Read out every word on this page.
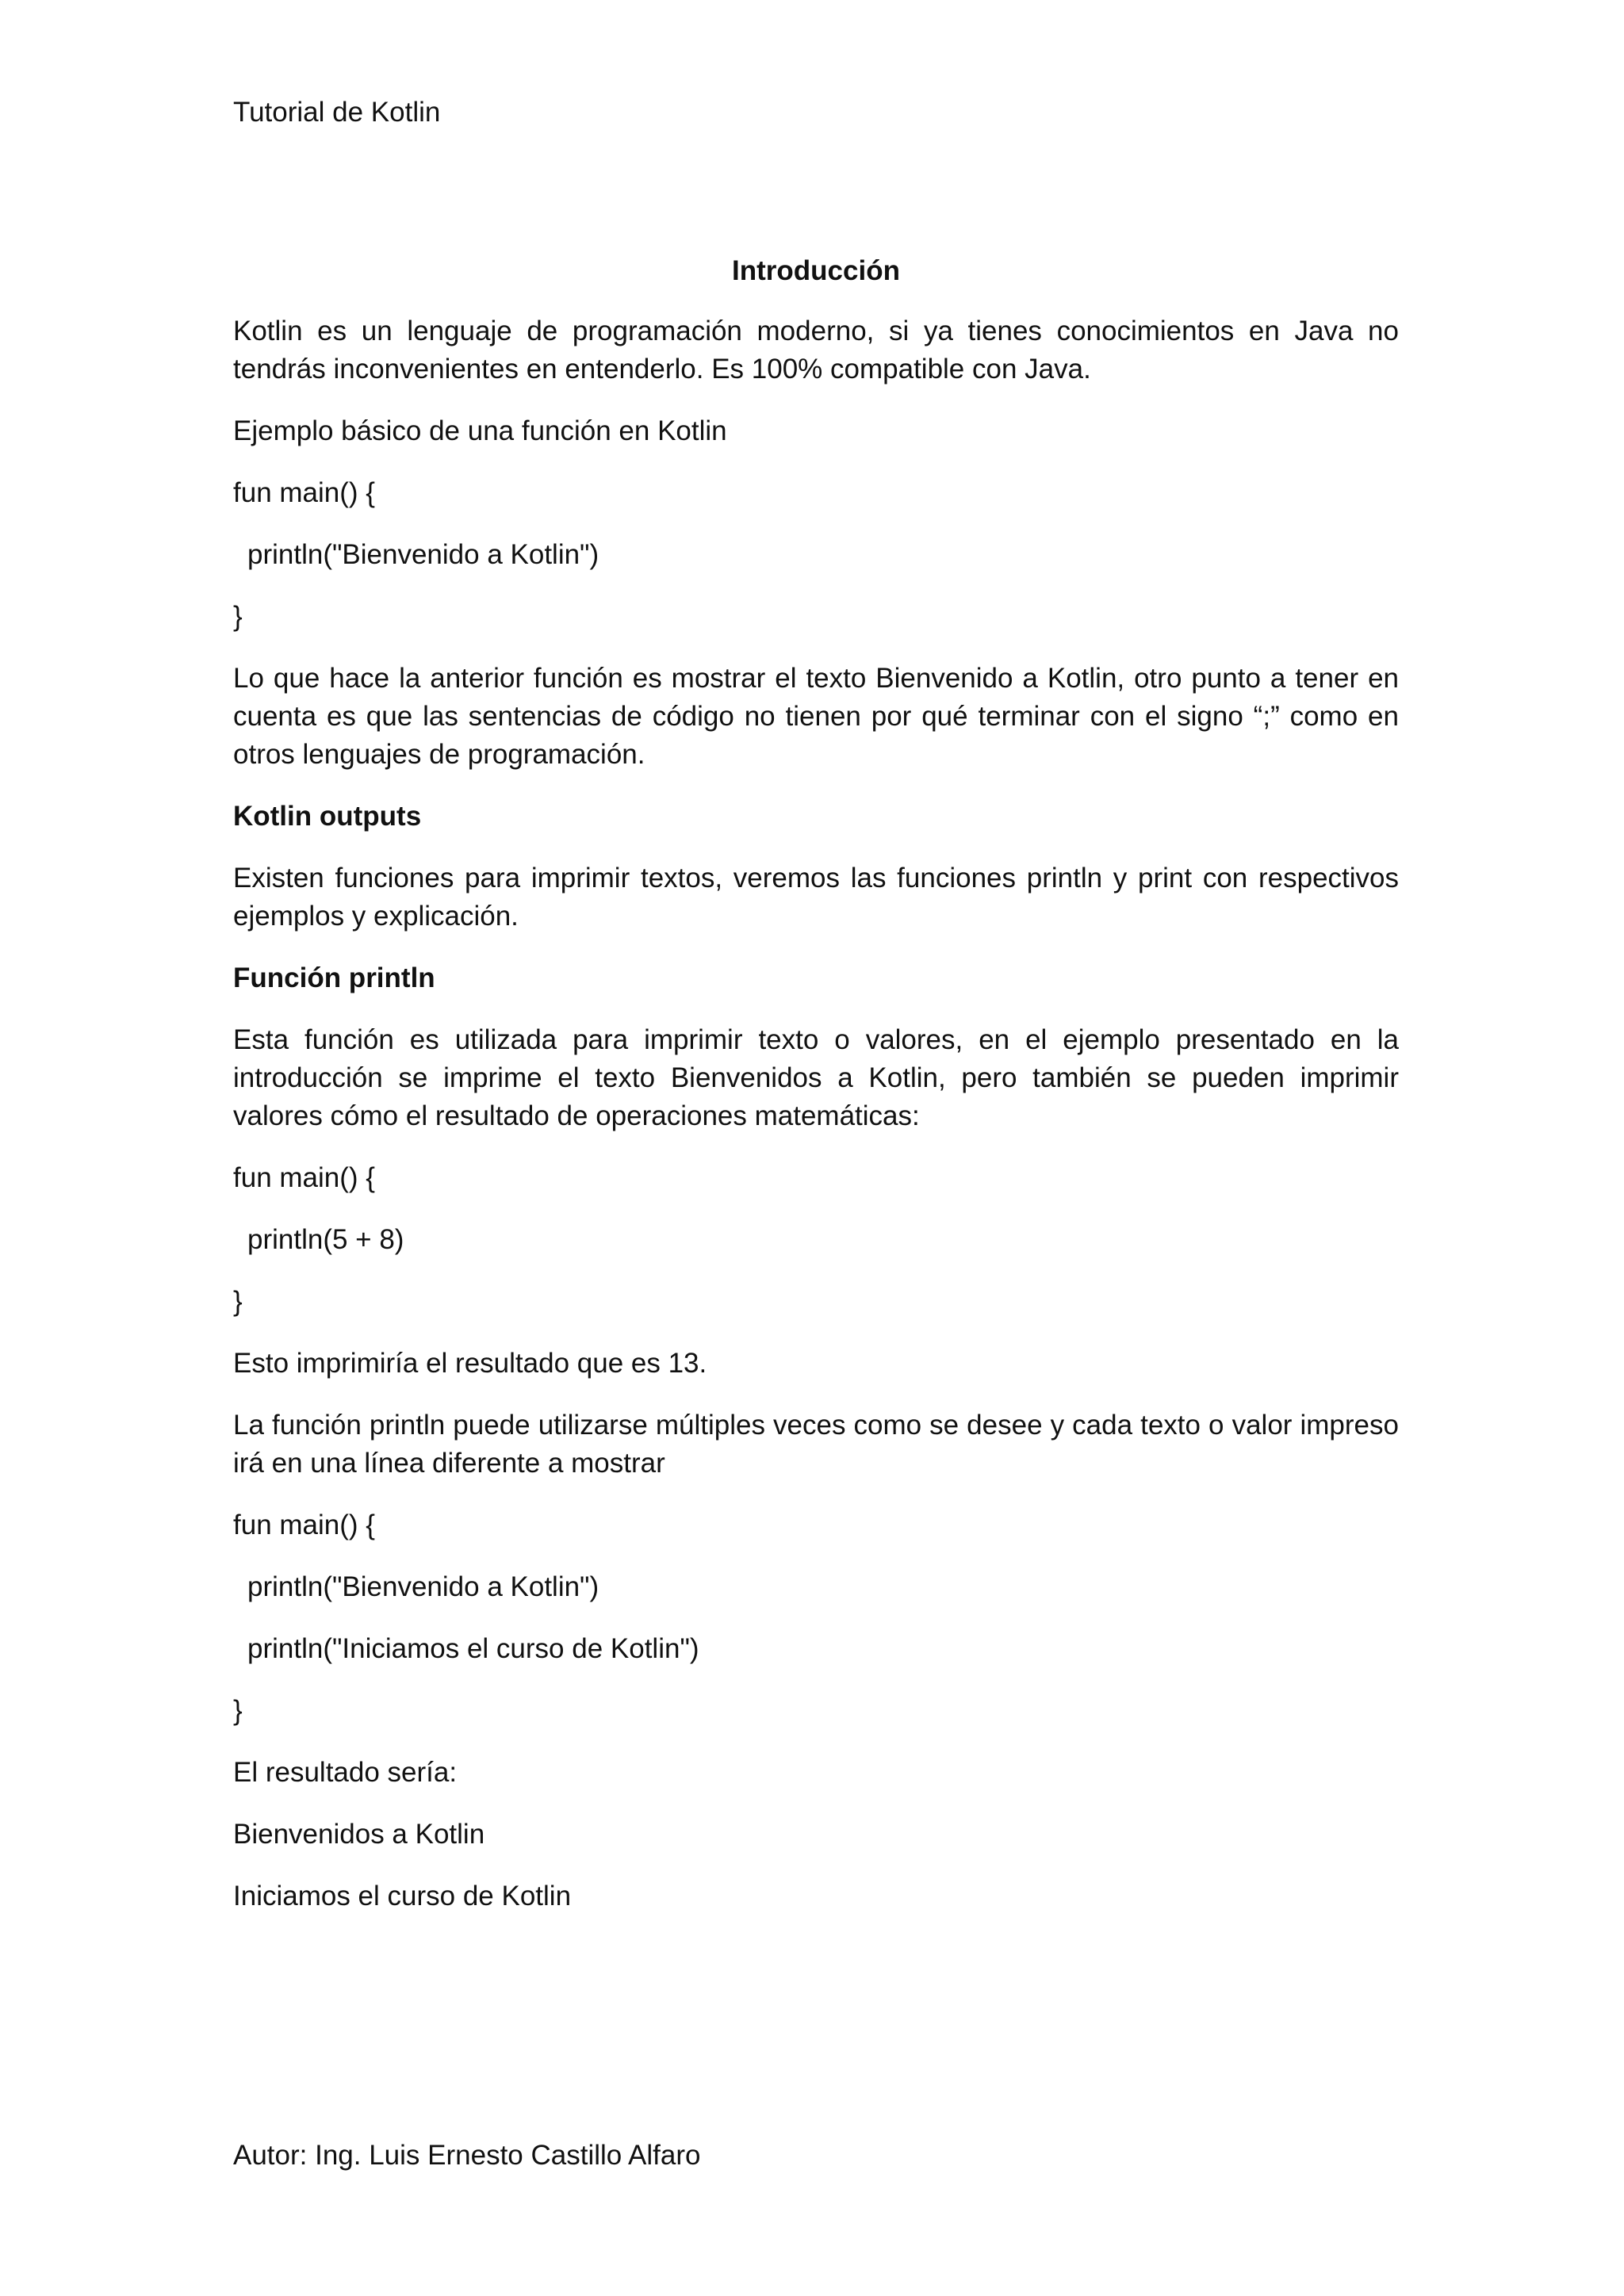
Tutorial de Kotlin

Introducción

Kotlin es un lenguaje de programación moderno, si ya tienes conocimientos en Java no tendrás inconvenientes en entenderlo. Es 100% compatible con Java.

Ejemplo básico de una función en Kotlin

fun main() {

println("Bienvenido a Kotlin")

}

Lo que hace la anterior función es mostrar el texto Bienvenido a Kotlin, otro punto a tener en cuenta es que las sentencias de código no tienen por qué terminar con el signo “;” como en otros lenguajes de programación.

Kotlin outputs

Existen funciones para imprimir textos, veremos las funciones println y print con respectivos ejemplos y explicación.

Función println

Esta función es utilizada para imprimir texto o valores, en el ejemplo presentado en la introducción se imprime el texto Bienvenidos a Kotlin, pero también se pueden imprimir valores cómo el resultado de operaciones matemáticas:

fun main() {

println(5 + 8)

}

Esto imprimiría el resultado que es 13.

La función println puede utilizarse múltiples veces como se desee y cada texto o valor impreso irá en una línea diferente a mostrar

fun main() {

println("Bienvenido a Kotlin")

println("Iniciamos el curso de Kotlin")

}

El resultado sería:

Bienvenidos a Kotlin

Iniciamos el curso de Kotlin

Autor: Ing. Luis Ernesto Castillo Alfaro
